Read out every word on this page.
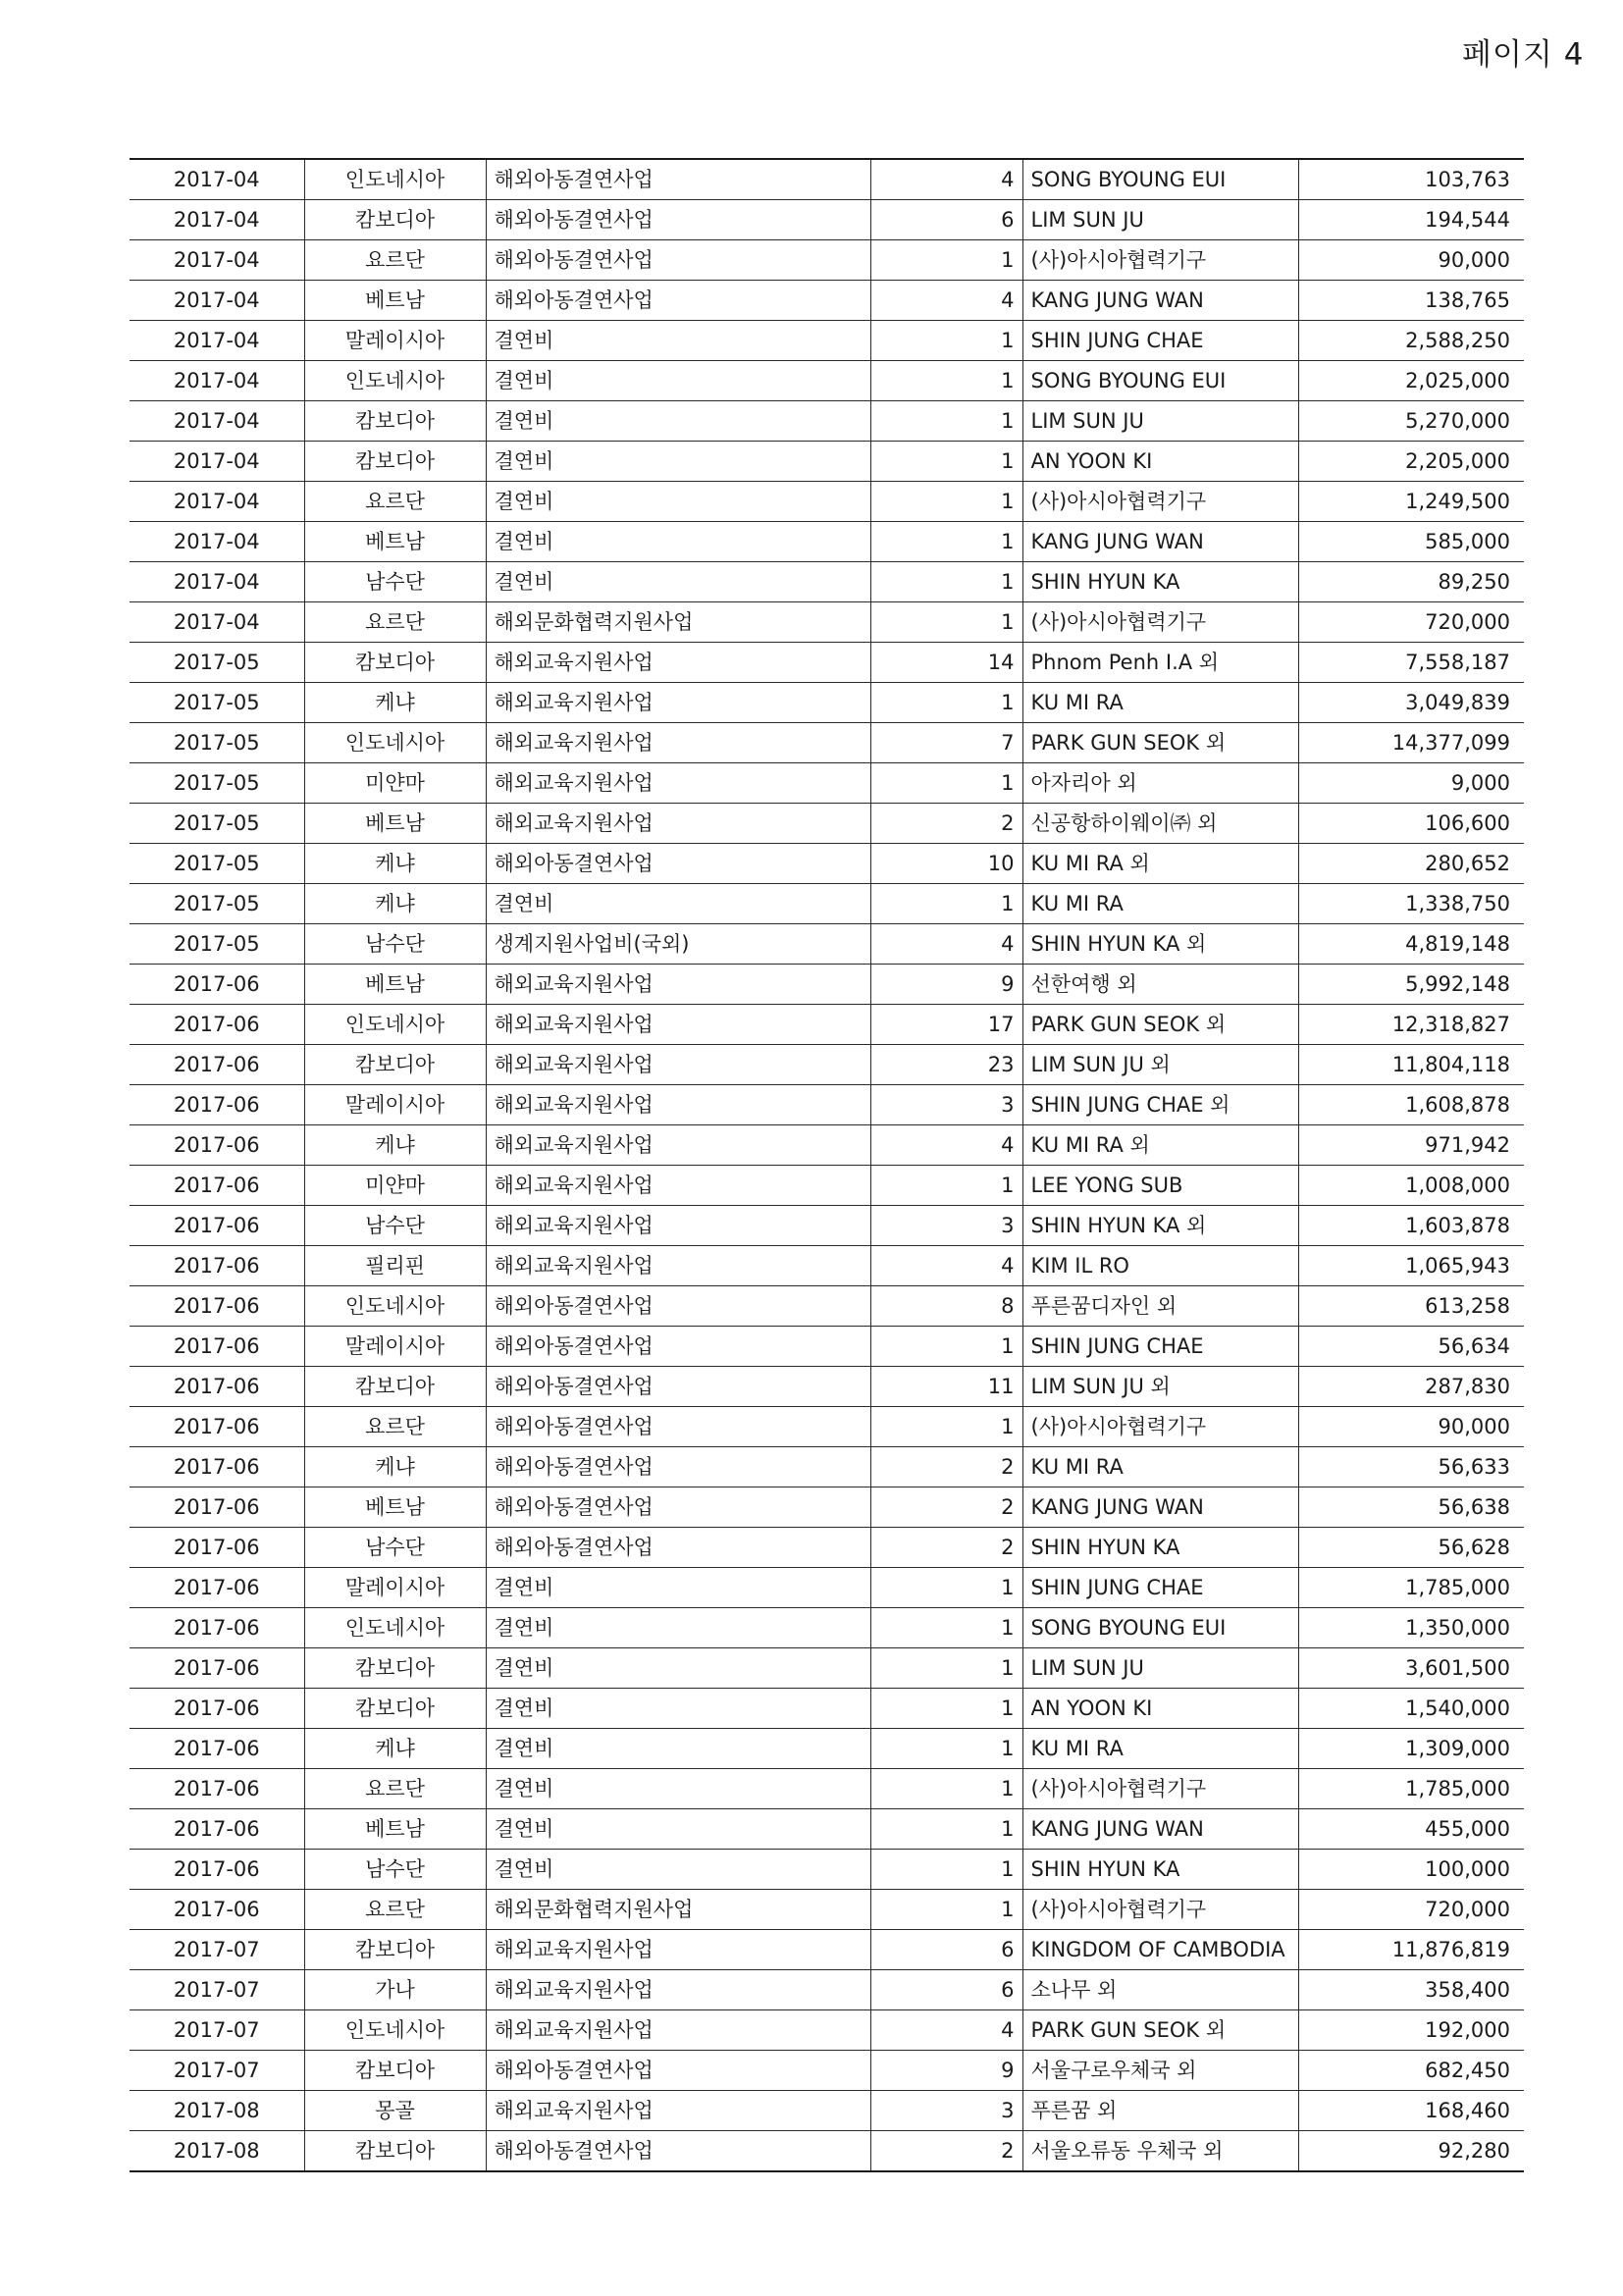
페이지 4
2017-04	인도네시아	해외아동결연사업	4	SONG BYOUNG EUI	103,763
2017-04	캄보디아	해외아동결연사업	6	LIM SUN JU	194,544
2017-04	요르단	해외아동결연사업	1	(사)아시아협력기구	90,000
2017-04	베트남	해외아동결연사업	4	KANG JUNG WAN	138,765
2017-04	말레이시아	결연비	1	SHIN JUNG CHAE	2,588,250
2017-04	인도네시아	결연비	1	SONG BYOUNG EUI	2,025,000
2017-04	캄보디아	결연비	1	LIM SUN JU	5,270,000
2017-04	캄보디아	결연비	1	AN YOON KI	2,205,000
2017-04	요르단	결연비	1	(사)아시아협력기구	1,249,500
2017-04	베트남	결연비	1	KANG JUNG WAN	585,000
2017-04	남수단	결연비	1	SHIN HYUN KA	89,250
2017-04	요르단	해외문화협력지원사업	1	(사)아시아협력기구	720,000
2017-05	캄보디아	해외교육지원사업	14	Phnom Penh I.A 외	7,558,187
2017-05	케냐	해외교육지원사업	1	KU MI RA	3,049,839
2017-05	인도네시아	해외교육지원사업	7	PARK GUN SEOK 외	14,377,099
2017-05	미얀마	해외교육지원사업	1	아자리아 외	9,000
2017-05	베트남	해외교육지원사업	2	신공항하이웨이㈜ 외	106,600
2017-05	케냐	해외아동결연사업	10	KU MI RA 외	280,652
2017-05	케냐	결연비	1	KU MI RA	1,338,750
2017-05	남수단	생계지원사업비(국외)	4	SHIN HYUN KA 외	4,819,148
2017-06	베트남	해외교육지원사업	9	선한여행 외	5,992,148
2017-06	인도네시아	해외교육지원사업	17	PARK GUN SEOK 외	12,318,827
2017-06	캄보디아	해외교육지원사업	23	LIM SUN JU 외	11,804,118
2017-06	말레이시아	해외교육지원사업	3	SHIN JUNG CHAE 외	1,608,878
2017-06	케냐	해외교육지원사업	4	KU MI RA 외	971,942
2017-06	미얀마	해외교육지원사업	1	LEE YONG SUB	1,008,000
2017-06	남수단	해외교육지원사업	3	SHIN HYUN KA 외	1,603,878
2017-06	필리핀	해외교육지원사업	4	KIM IL RO	1,065,943
2017-06	인도네시아	해외아동결연사업	8	푸른꿈디자인 외	613,258
2017-06	말레이시아	해외아동결연사업	1	SHIN JUNG CHAE	56,634
2017-06	캄보디아	해외아동결연사업	11	LIM SUN JU 외	287,830
2017-06	요르단	해외아동결연사업	1	(사)아시아협력기구	90,000
2017-06	케냐	해외아동결연사업	2	KU MI RA	56,633
2017-06	베트남	해외아동결연사업	2	KANG JUNG WAN	56,638
2017-06	남수단	해외아동결연사업	2	SHIN HYUN KA	56,628
2017-06	말레이시아	결연비	1	SHIN JUNG CHAE	1,785,000
2017-06	인도네시아	결연비	1	SONG BYOUNG EUI	1,350,000
2017-06	캄보디아	결연비	1	LIM SUN JU	3,601,500
2017-06	캄보디아	결연비	1	AN YOON KI	1,540,000
2017-06	케냐	결연비	1	KU MI RA	1,309,000
2017-06	요르단	결연비	1	(사)아시아협력기구	1,785,000
2017-06	베트남	결연비	1	KANG JUNG WAN	455,000
2017-06	남수단	결연비	1	SHIN HYUN KA	100,000
2017-06	요르단	해외문화협력지원사업	1	(사)아시아협력기구	720,000
2017-07	캄보디아	해외교육지원사업	6	KINGDOM OF CAMBODIA	11,876,819
2017-07	가나	해외교육지원사업	6	소나무 외	358,400
2017-07	인도네시아	해외교육지원사업	4	PARK GUN SEOK 외	192,000
2017-07	캄보디아	해외아동결연사업	9	서울구로우체국 외	682,450
2017-08	몽골	해외교육지원사업	3	푸른꿈 외	168,460
2017-08	캄보디아	해외아동결연사업	2	서울오류동 우체국 외	92,280
